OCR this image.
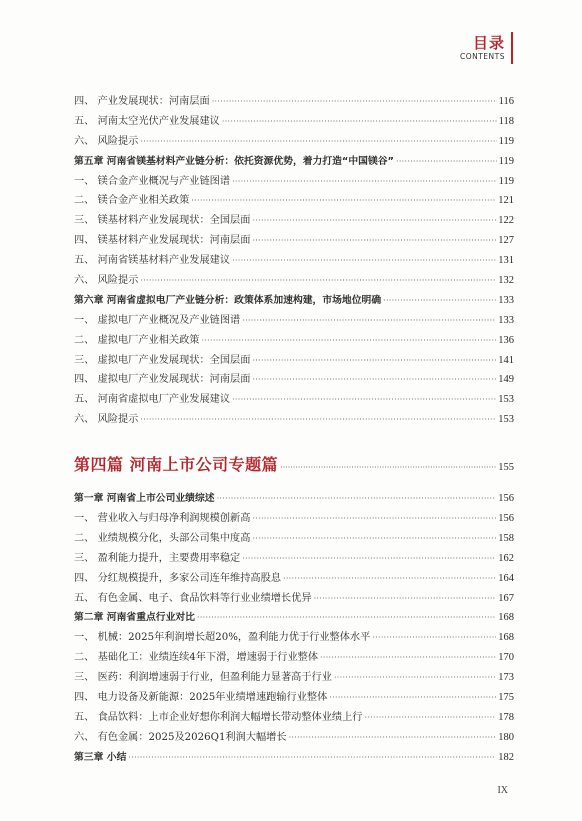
目录
CONTENTS
四、 产业发展现状：河南层面 ·····	116
五、 河南太空光伏产业发展建议 ·····	118
六、 风险提示 ·····	119
第五章 河南省镁基材料产业链分析：依托资源优势，着力打造“中国镁谷” ·····	119
一、 镁合金产业概况与产业链图谱 ·····	119
二、 镁合金产业相关政策 ·····	121
三、 镁基材料产业发展现状：全国层面 ·····	122
四、 镁基材料产业发展现状：河南层面 ·····	127
五、 河南省镁基材料产业发展建议 ·····	131
六、 风险提示 ·····	132
第六章 河南省虚拟电厂产业链分析：政策体系加速构建，市场地位明确 ·····	133
一、 虚拟电厂产业概况及产业链图谱 ·····	133
二、 虚拟电厂产业相关政策 ·····	136
三、 虚拟电厂产业发展现状：全国层面 ·····	141
四、 虚拟电厂产业发展现状：河南层面 ·····	149
五、 河南省虚拟电厂产业发展建议 ·····	153
六、 风险提示 ·····	153
第四篇 河南上市公司专题篇 ·····	155
第一章 河南省上市公司业绩综述 ·····	156
一、 营业收入与归母净利润规模创新高 ·····	156
二、 业绩规模分化，头部公司集中度高 ·····	158
三、 盈利能力提升，主要费用率稳定 ·····	162
四、 分红规模提升，多家公司连年维持高股息 ·····	164
五、 有色金属、电子、食品饮料等行业业绩增长优异 ·····	167
第二章 河南省重点行业对比 ·····	168
一、 机械：2025年利润增长超20%，盈利能力优于行业整体水平 ·····	168
二、 基础化工：业绩连续4年下滑，增速弱于行业整体 ·····	170
三、 医药：利润增速弱于行业，但盈利能力显著高于行业 ·····	173
四、 电力设备及新能源：2025年业绩增速跑输行业整体 ·····	175
五、 食品饮料：上市企业好想你利润大幅增长带动整体业绩上行 ·····	178
六、 有色金属：2025及2026Q1利润大幅增长 ·····	180
第三章 小结 ·····	182
IX
